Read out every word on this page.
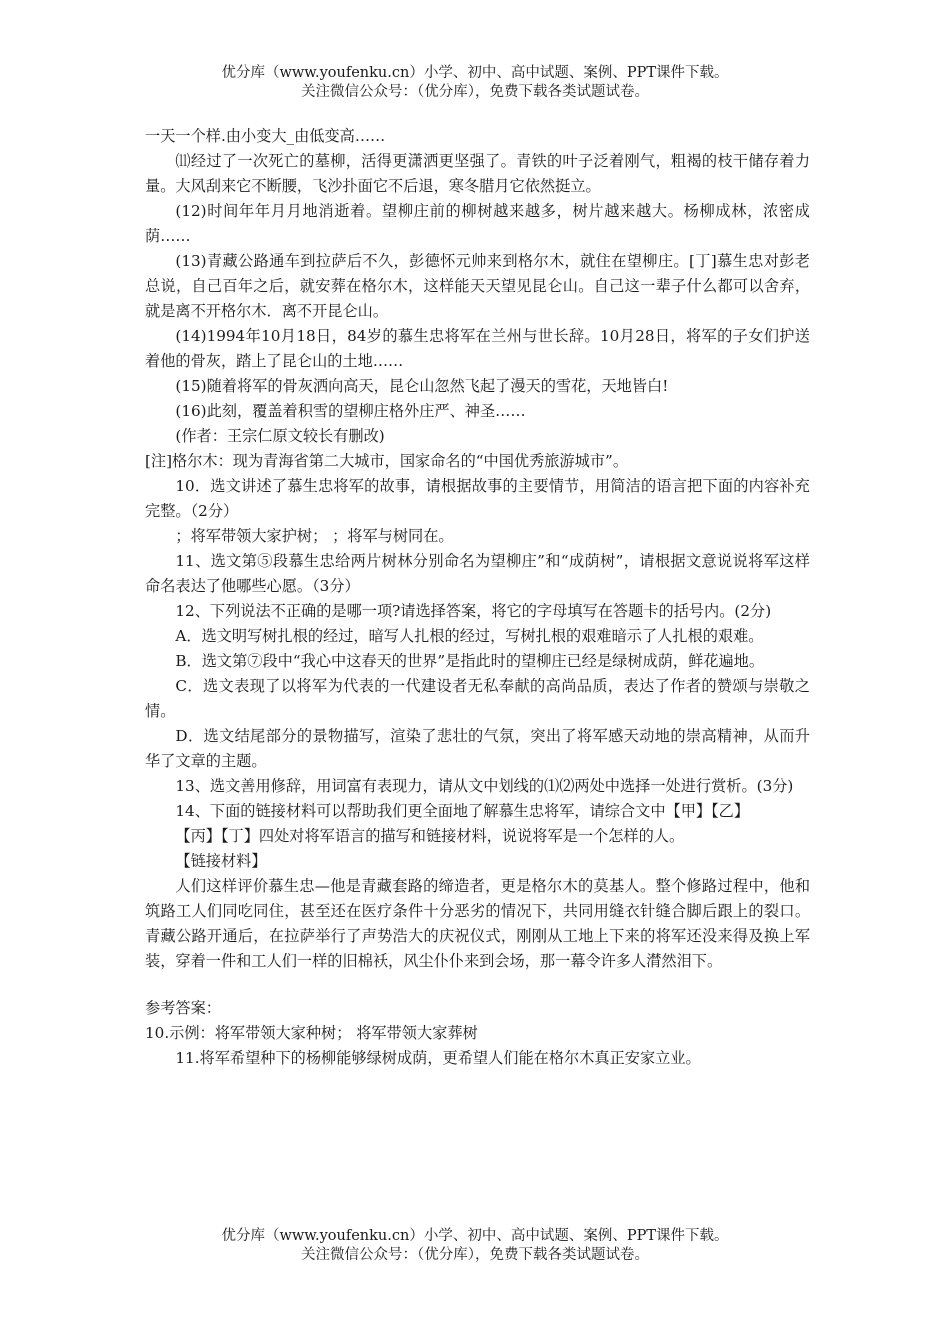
优分库（www.youfenku.cn）小学、初中、高中试题、案例、PPT课件下载。
关注微信公众号：（优分库），免费下载各类试题试卷。

一天一个样.由小变大_由低变高……

⑾经过了一次死亡的墓柳，活得更潇洒更坚强了。青铁的叶子泛着刚气，粗褐的枝干储存着力量。大风刮来它不断腰，飞沙扑面它不后退，寒冬腊月它依然挺立。

(12)时间年年月月地消逝着。望柳庄前的柳树越来越多，树片越来越大。杨柳成林，浓密成荫……

(13)青藏公路通车到拉萨后不久，彭德怀元帅来到格尔木，就住在望柳庄。[丁]慕生忠对彭老总说，自己百年之后，就安葬在格尔木，这样能天天望见昆仑山。自己这一辈子什么都可以舍弃，就是离不开格尔木．离不开昆仑山。

(14)1994年10月18日，84岁的慕生忠将军在兰州与世长辞。10月28日，将军的子女们护送着他的骨灰，踏上了昆仑山的土地……

(15)随着将军的骨灰洒向高天，昆仑山忽然飞起了漫天的雪花，天地皆白!

(16)此刻，覆盖着积雪的望柳庄格外庄严、神圣……

(作者：王宗仁原文较长有删改)

[注]格尔木：现为青海省第二大城市，国家命名的“中国优秀旅游城市”。

10．选文讲述了慕生忠将军的故事，请根据故事的主要情节，用简洁的语言把下面的内容补充完整。（2分）

；将军带领大家护树； ；将军与树同在。

11、选文第⑤段慕生忠给两片树林分别命名为望柳庄”和“成荫树”，请根据文意说说将军这样命名表达了他哪些心愿。（3分）

12、下列说法不正确的是哪一项?请选择答案，将它的字母填写在答题卡的括号内。(2分)

A．选文明写树扎根的经过，暗写人扎根的经过，写树扎根的艰难暗示了人扎根的艰难。

B．选文第⑦段中“我心中这春天的世界”是指此时的望柳庄已经是绿树成荫，鲜花遍地。

C．选文表现了以将军为代表的一代建设者无私奉献的高尚品质，表达了作者的赞颂与崇敬之情。

D．选文结尾部分的景物描写，渲染了悲壮的气氛，突出了将军感天动地的崇高精神，从而升华了文章的主题。

13、选文善用修辞，用词富有表现力，请从文中划线的⑴⑵两处中选择一处进行赏析。(3分)

14、下面的链接材料可以帮助我们更全面地了解慕生忠将军，请综合文中【甲】【乙】

【丙】【丁】四处对将军语言的描写和链接材料，说说将军是一个怎样的人。

【链接材料】

人们这样评价慕生忠—他是青藏套路的缔造者，更是格尔木的莫基人。整个修路过程中，他和筑路工人们同吃同住，甚至还在医疗条件十分恶劣的情况下，共同用缝衣针缝合脚后跟上的裂口。青藏公路开通后，在拉萨举行了声势浩大的庆祝仪式，刚刚从工地上下来的将军还没来得及换上军装，穿着一件和工人们一样的旧棉袄，风尘仆仆来到会场，那一幕令许多人潸然泪下。

参考答案：

10.示例：将军带领大家种树； 将军带领大家葬树

11.将军希望种下的杨柳能够绿树成荫，更希望人们能在格尔木真正安家立业。

优分库（www.youfenku.cn）小学、初中、高中试题、案例、PPT课件下载。
关注微信公众号：（优分库），免费下载各类试题试卷。
